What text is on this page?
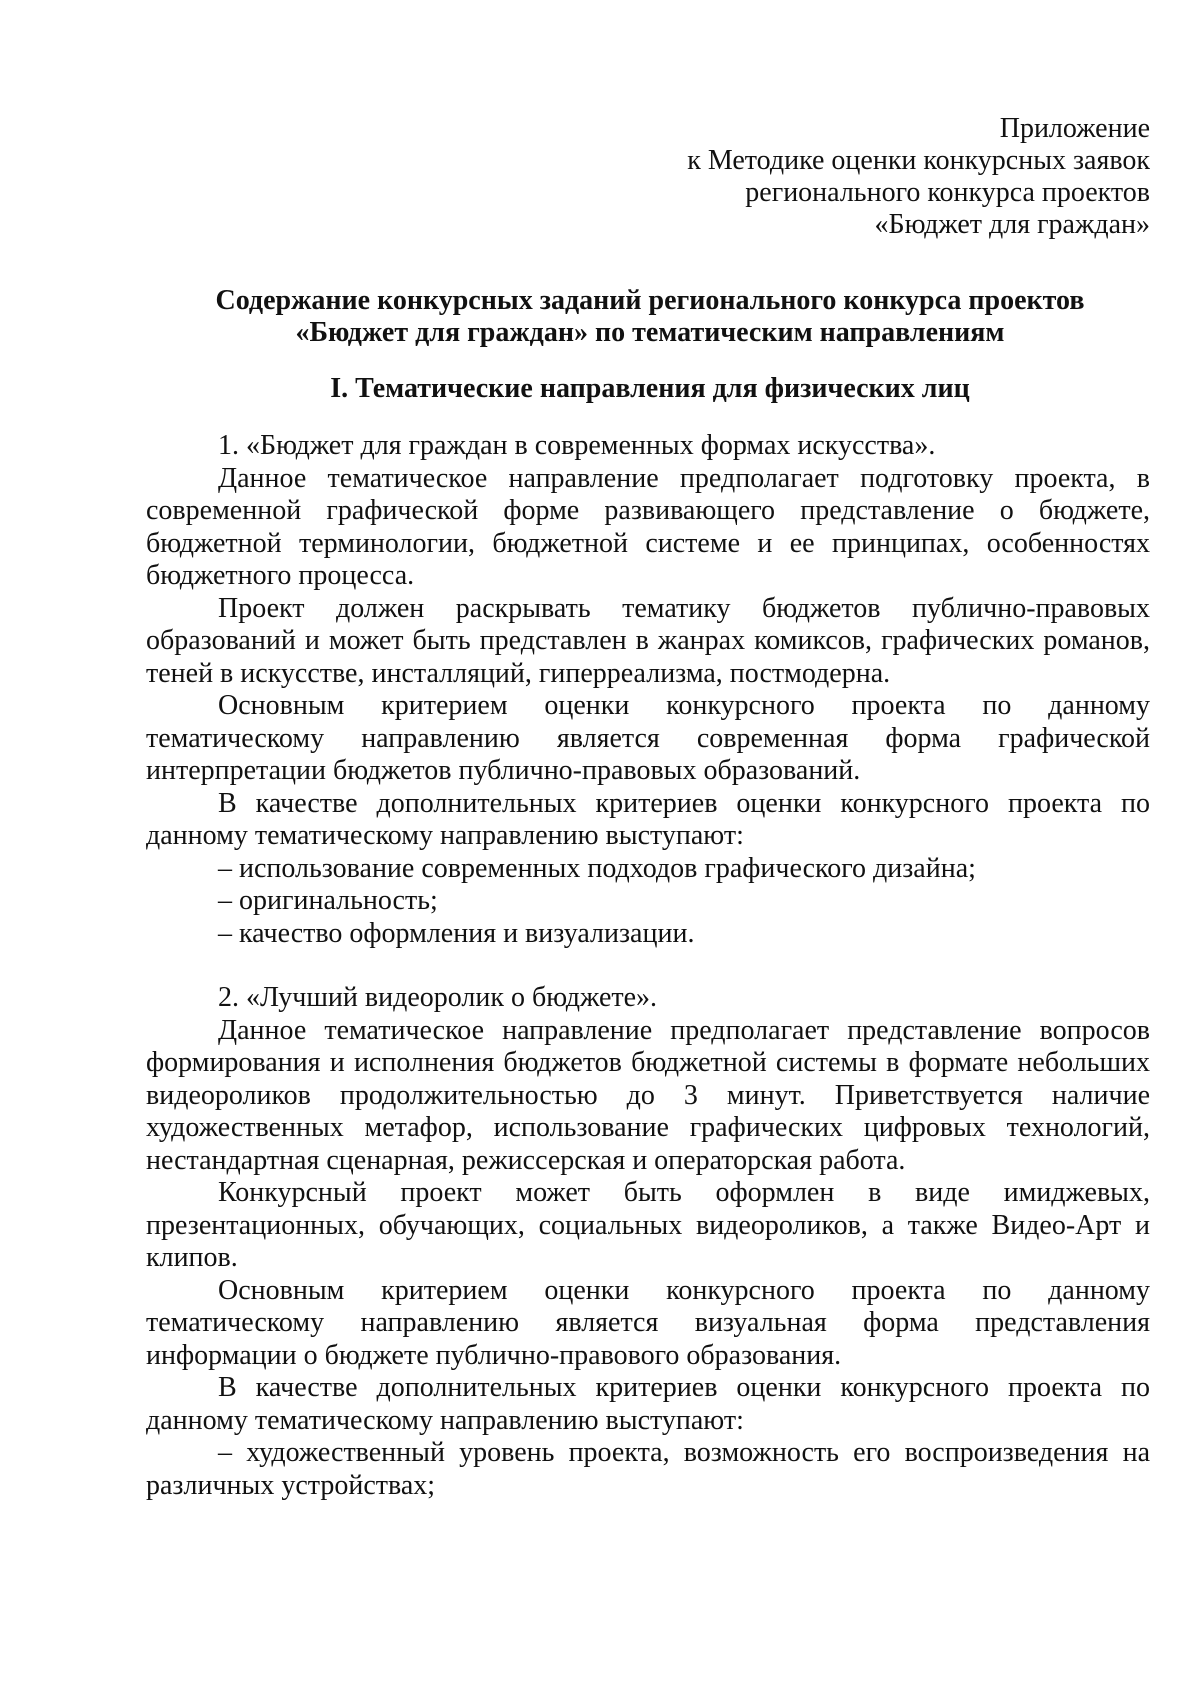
Приложение
к Методике оценки конкурсных заявок
регионального конкурса проектов
«Бюджет для граждан»
Содержание конкурсных заданий регионального конкурса проектов
«Бюджет для граждан» по тематическим направлениям
I. Тематические направления для физических лиц

1. «Бюджет для граждан в современных формах искусства».

Данное тематическое направление предполагает подготовку проекта, в современной графической форме развивающего представление о бюджете, бюджетной терминологии, бюджетной системе и ее принципах, особенностях бюджетного процесса.

Проект должен раскрывать тематику бюджетов публично-правовых образований и может быть представлен в жанрах комиксов, графических романов, теней в искусстве, инсталляций, гиперреализма, постмодерна.

Основным критерием оценки конкурсного проекта по данному тематическому направлению является современная форма графической интерпретации бюджетов публично-правовых образований.

В качестве дополнительных критериев оценки конкурсного проекта по данному тематическому направлению выступают:

– использование современных подходов графического дизайна;

– оригинальность;

– качество оформления и визуализации.

2. «Лучший видеоролик о бюджете».

Данное тематическое направление предполагает представление вопросов формирования и исполнения бюджетов бюджетной системы в формате небольших видеороликов продолжительностью до 3 минут. Приветствуется наличие художественных метафор, использование графических цифровых технологий, нестандартная сценарная, режиссерская и операторская работа.

Конкурсный проект может быть оформлен в виде имиджевых, презентационных, обучающих, социальных видеороликов, а также Видео-Арт и клипов.

Основным критерием оценки конкурсного проекта по данному тематическому направлению является визуальная форма представления информации о бюджете публично-правового образования.

В качестве дополнительных критериев оценки конкурсного проекта по данному тематическому направлению выступают:

– художественный уровень проекта, возможность его воспроизведения на различных устройствах;
